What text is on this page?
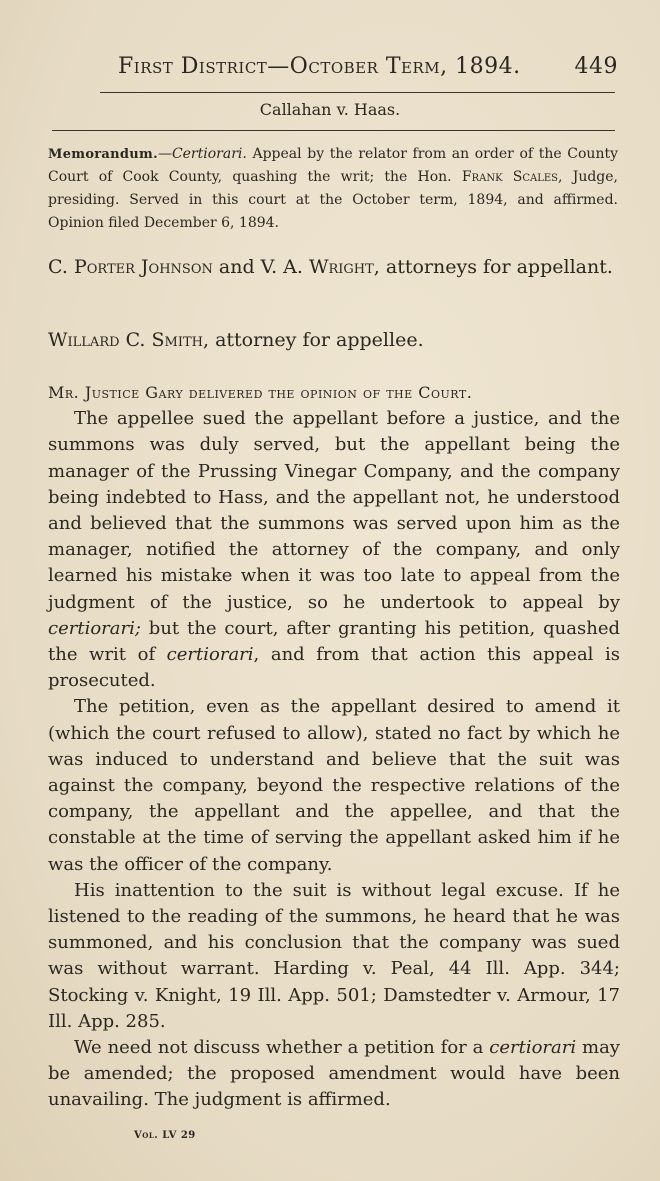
First District—October Term, 1894. 449
Callahan v. Haas.
Memorandum.—Certiorari. Appeal by the relator from an order of the County Court of Cook County, quashing the writ; the Hon. Frank Scales, Judge, presiding. Served in this court at the October term, 1894, and affirmed. Opinion filed December 6, 1894.
C. Porter Johnson and V. A. Wright, attorneys for appellant.
Willard C. Smith, attorney for appellee.

Mr. Justice Gary delivered the opinion of the Court.

The appellee sued the appellant before a justice, and the summons was duly served, but the appellant being the manager of the Prussing Vinegar Company, and the company being indebted to Hass, and the appellant not, he understood and believed that the summons was served upon him as the manager, notified the attorney of the company, and only learned his mistake when it was too late to appeal from the judgment of the justice, so he undertook to appeal by certiorari; but the court, after granting his petition, quashed the writ of certiorari, and from that action this appeal is prosecuted.

The petition, even as the appellant desired to amend it (which the court refused to allow), stated no fact by which he was induced to understand and believe that the suit was against the company, beyond the respective relations of the company, the appellant and the appellee, and that the constable at the time of serving the appellant asked him if he was the officer of the company.

His inattention to the suit is without legal excuse. If he listened to the reading of the summons, he heard that he was summoned, and his conclusion that the company was sued was without warrant. Harding v. Peal, 44 Ill. App. 344; Stocking v. Knight, 19 Ill. App. 501; Damstedter v. Armour, 17 Ill. App. 285.

We need not discuss whether a petition for a certiorari may be amended; the proposed amendment would have been unavailing. The judgment is affirmed.

Vol. LV 29
